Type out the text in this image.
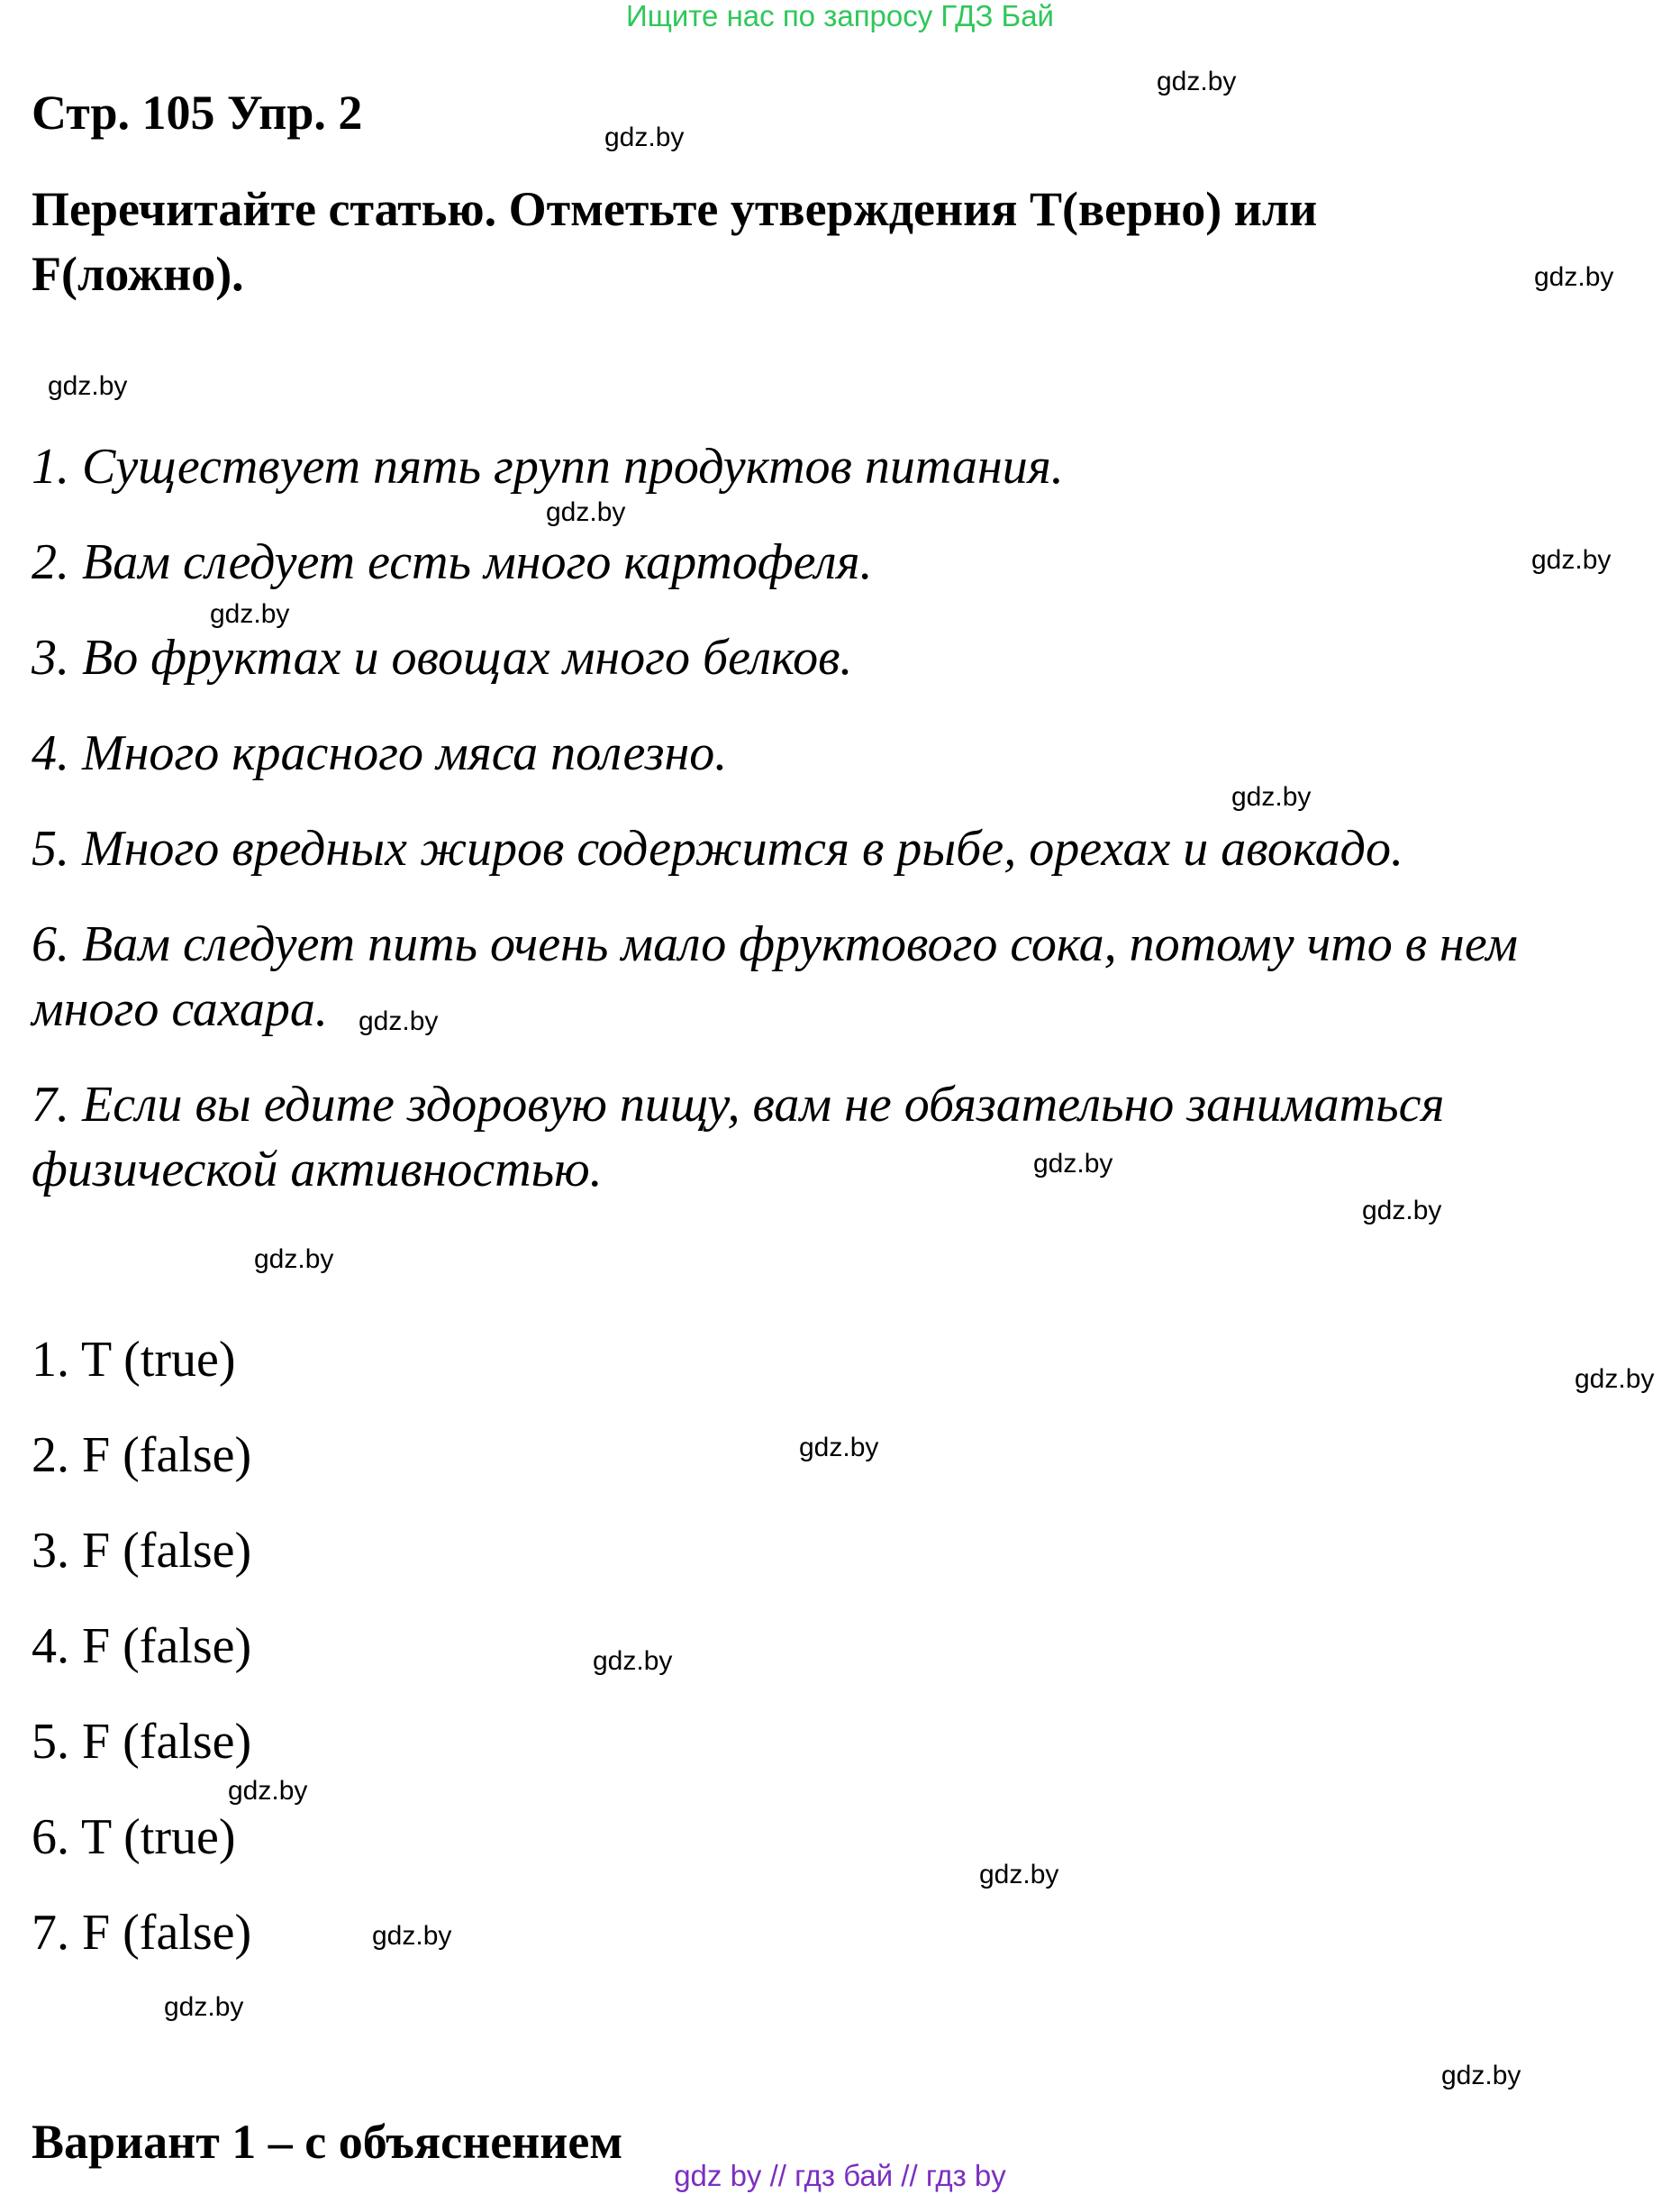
Ищите нас по запросу ГДЗ Бай
Стр. 105 Упр. 2
Перечитайте статью. Отметьте утверждения T(верно) или
F(ложно).
1. Существует пять групп продуктов питания.
2. Вам следует есть много картофеля.
3. Во фруктах и овощах много белков.
4. Много красного мяса полезно.
5. Много вредных жиров содержится в рыбе, орехах и авокадо.
6. Вам следует пить очень мало фруктового сока, потому что в нем
много сахара.
7. Если вы едите здоровую пищу, вам не обязательно заниматься
физической активностью.
1. T (true)
2. F (false)
3. F (false)
4. F (false)
5. F (false)
6. T (true)
7. F (false)
Вариант 1 – с объяснением
gdz.by
gdz.by
gdz.by
gdz.by
gdz.by
gdz.by
gdz.by
gdz.by
gdz.by
gdz.by
gdz.by
gdz.by
gdz.by
gdz.by
gdz.by
gdz.by
gdz.by
gdz.by
gdz.by
gdz.by
gdz by // гдз бай // гдз by
